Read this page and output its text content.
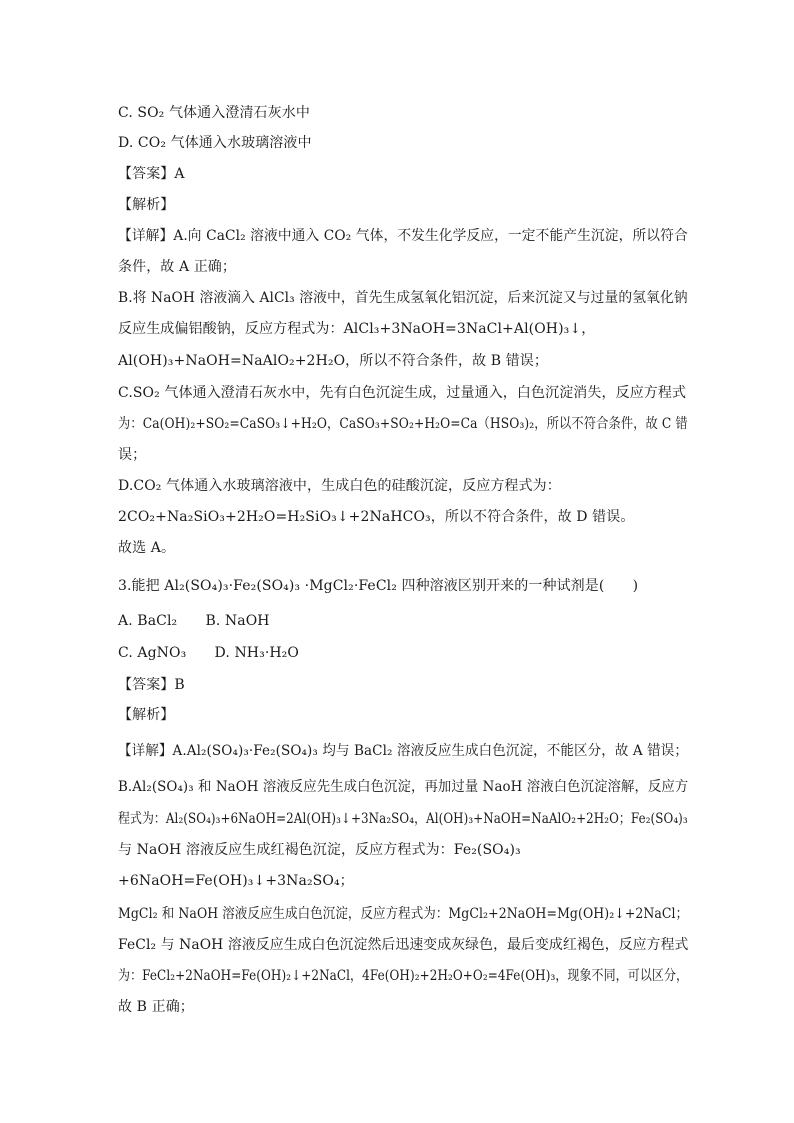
C. SO₂ 气体通入澄清石灰水中
D. CO₂ 气体通入水玻璃溶液中
【答案】A
【解析】
【详解】A.向 CaCl₂ 溶液中通入 CO₂ 气体，不发生化学反应，一定不能产生沉淀，所以符合
条件，故 A 正确；
B.将 NaOH 溶液滴入 AlCl₃ 溶液中，首先生成氢氧化铝沉淀，后来沉淀又与过量的氢氧化钠
反应生成偏铝酸钠，反应方程式为：AlCl₃+3NaOH=3NaCl+Al(OH)₃↓，
Al(OH)₃+NaOH=NaAlO₂+2H₂O，所以不符合条件，故 B 错误；
C.SO₂ 气体通入澄清石灰水中，先有白色沉淀生成，过量通入，白色沉淀消失，反应方程式
为：Ca(OH)₂+SO₂=CaSO₃↓+H₂O，CaSO₃+SO₂+H₂O=Ca（HSO₃)₂，所以不符合条件，故 C 错
误；
D.CO₂ 气体通入水玻璃溶液中，生成白色的硅酸沉淀，反应方程式为：
2CO₂+Na₂SiO₃+2H₂O=H₂SiO₃↓+2NaHCO₃，所以不符合条件，故 D 错误。
故选 A。
3.能把 Al₂(SO₄)₃·Fe₂(SO₄)₃ ·MgCl₂·FeCl₂ 四种溶液区别开来的一种试剂是(　　)
A. BaCl₂　　B. NaOH
C. AgNO₃　　D. NH₃·H₂O
【答案】B
【解析】
【详解】A.Al₂(SO₄)₃·Fe₂(SO₄)₃ 均与 BaCl₂ 溶液反应生成白色沉淀，不能区分，故 A 错误；
B.Al₂(SO₄)₃ 和 NaOH 溶液反应先生成白色沉淀，再加过量 NaoH 溶液白色沉淀溶解，反应方
程式为：Al₂(SO₄)₃+6NaOH=2Al(OH)₃↓+3Na₂SO₄，Al(OH)₃+NaOH=NaAlO₂+2H₂O；Fe₂(SO₄)₃
与 NaOH 溶液反应生成红褐色沉淀，反应方程式为：Fe₂(SO₄)₃
+6NaOH=Fe(OH)₃↓+3Na₂SO₄；
MgCl₂ 和 NaOH 溶液反应生成白色沉淀，反应方程式为：MgCl₂+2NaOH=Mg(OH)₂↓+2NaCl；
FeCl₂ 与 NaOH 溶液反应生成白色沉淀然后迅速变成灰绿色，最后变成红褐色，反应方程式
为：FeCl₂+2NaOH=Fe(OH)₂↓+2NaCl，4Fe(OH)₂+2H₂O+O₂=4Fe(OH)₃，现象不同，可以区分，
故 B 正确；
